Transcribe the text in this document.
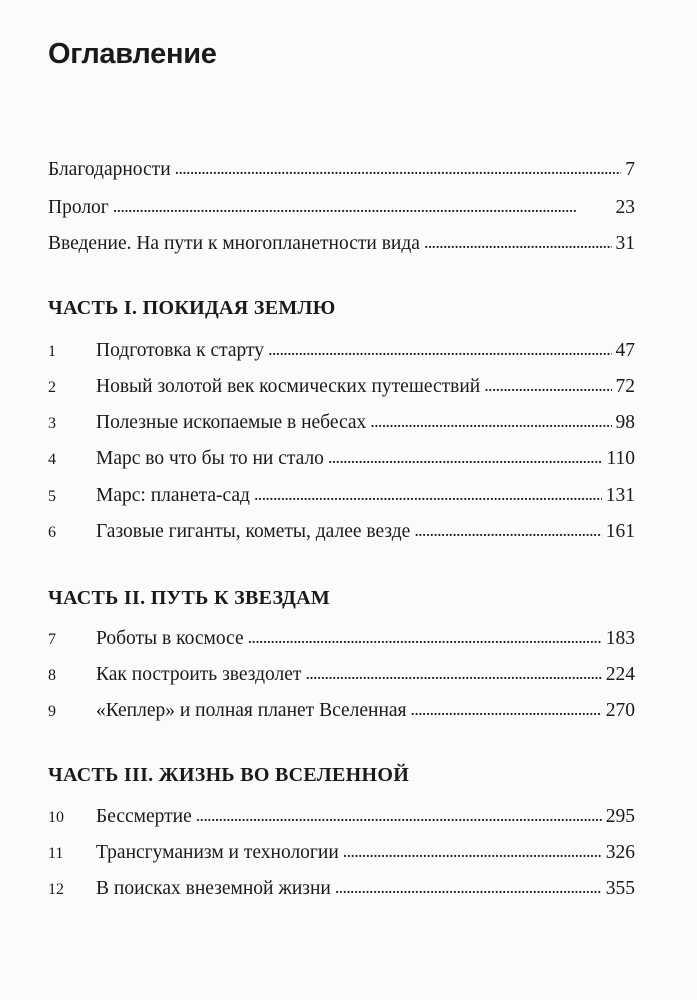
Оглавление
Благодарности . . .	7
Пролог . . .	23
Введение. На пути к многопланетности вида . . .	31
ЧАСТЬ I. ПОКИДАЯ ЗЕМЛЮ
1	Подготовка к старту . . .	47
2	Новый золотой век космических путешествий . . .	72
3	Полезные ископаемые в небесах . . .	98
4	Марс во что бы то ни стало . . .	110
5	Марс: планета-сад . . .	131
6	Газовые гиганты, кометы, далее везде . . .	161
ЧАСТЬ II. ПУТЬ К ЗВЕЗДАМ
7	Роботы в космосе . . .	183
8	Как построить звездолет . . .	224
9	«Кеплер» и полная планет Вселенная . . .	270
ЧАСТЬ III. ЖИЗНЬ ВО ВСЕЛЕННОЙ
10	Бессмертие . . .	295
11	Трансгуманизм и технологии . . .	326
12	В поисках внеземной жизни . . .	355
